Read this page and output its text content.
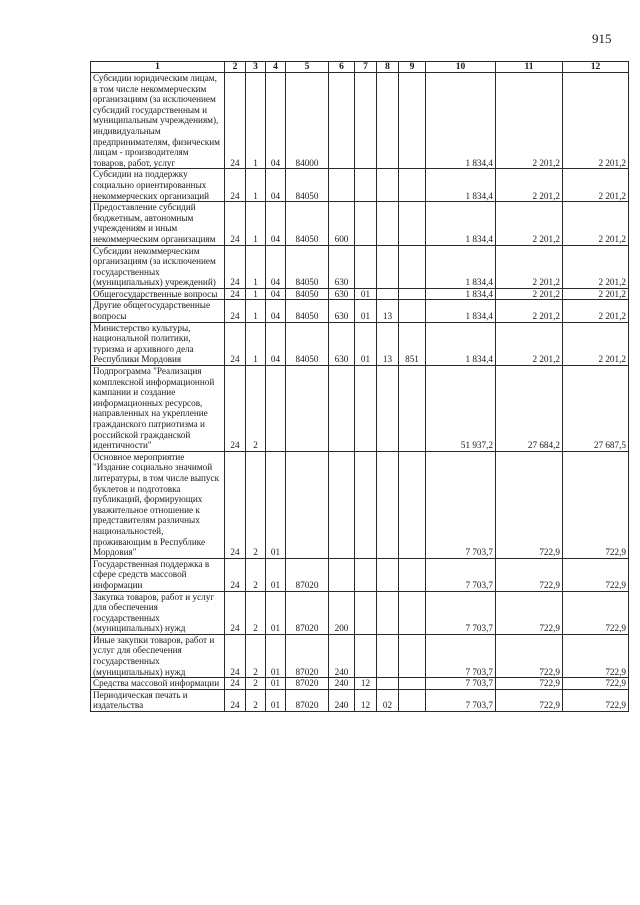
915
1	2	3	4	5	6	7	8	9	10	11	12
Субсидии юридическим лицам, в том числе некоммерческим организациям (за исключением субсидий государственным и муниципальным учреждениям), индивидуальным предпринимателям, физическим лицам - производителям товаров, работ, услуг	24	1	04	84000					1 834,4	2 201,2	2 201,2
Субсидии на поддержку социально ориентированных некоммерческих организаций	24	1	04	84050					1 834,4	2 201,2	2 201,2
Предоставление субсидий бюджетным, автономным учреждениям и иным некоммерческим организациям	24	1	04	84050	600				1 834,4	2 201,2	2 201,2
Субсидии некоммерческим организациям (за исключением государственных (муниципальных) учреждений)	24	1	04	84050	630				1 834,4	2 201,2	2 201,2
Общегосударственные вопросы	24	1	04	84050	630	01			1 834,4	2 201,2	2 201,2
Другие общегосударственные вопросы	24	1	04	84050	630	01	13		1 834,4	2 201,2	2 201,2
Министерство культуры, национальной политики, туризма и архивного дела Республики Мордовия	24	1	04	84050	630	01	13	851	1 834,4	2 201,2	2 201,2
Подпрограмма "Реализация комплексной информационной кампании и создание информационных ресурсов, направленных на укрепление гражданского патриотизма и российской гражданской идентичности"	24	2							51 937,2	27 684,2	27 687,5
Основное мероприятие "Издание социально значимой литературы, в том числе выпуск буклетов и подготовка публикаций, формирующих уважительное отношение к представителям различных национальностей, проживающим в Республике Мордовия"	24	2	01						7 703,7	722,9	722,9
Государственная поддержка в сфере средств массовой информации	24	2	01	87020					7 703,7	722,9	722,9
Закупка товаров, работ и услуг для обеспечения государственных (муниципальных) нужд	24	2	01	87020	200				7 703,7	722,9	722,9
Иные закупки товаров, работ и услуг для обеспечения государственных (муниципальных) нужд	24	2	01	87020	240				7 703,7	722,9	722,9
Средства массовой информации	24	2	01	87020	240	12			7 703,7	722,9	722,9
Периодическая печать и издательства	24	2	01	87020	240	12	02		7 703,7	722,9	722,9
